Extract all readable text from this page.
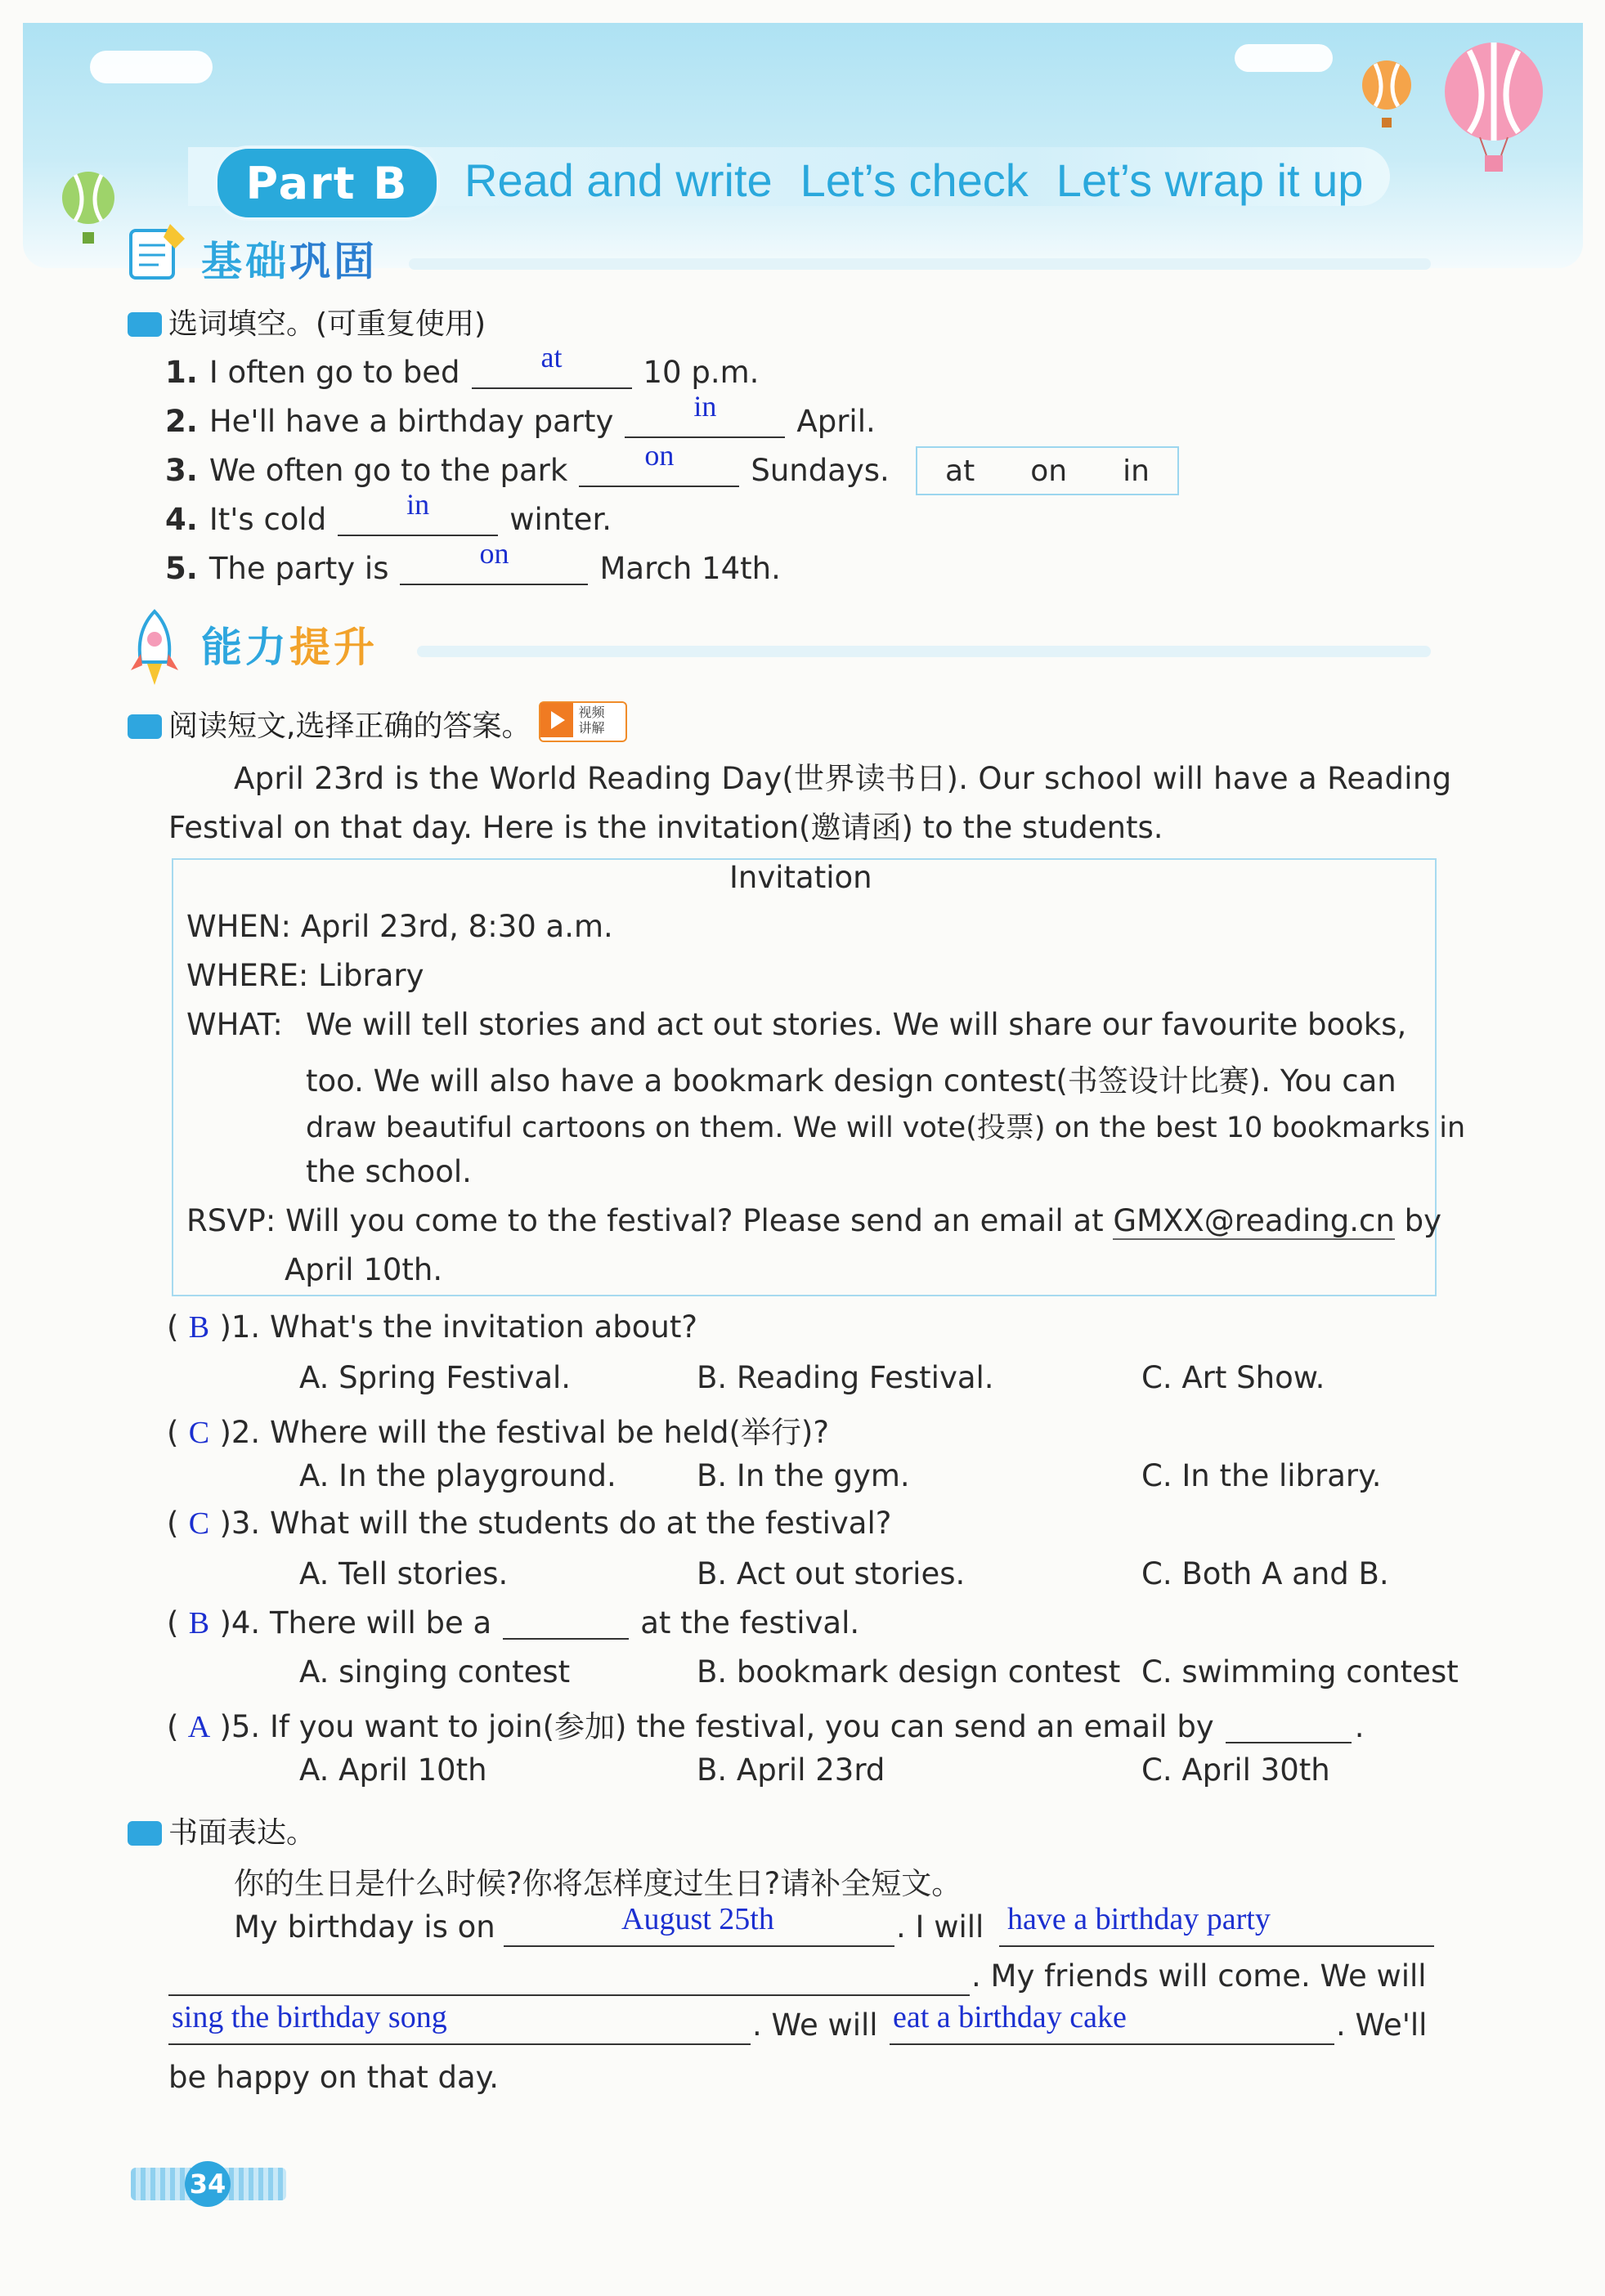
Part B	Read and write Let’s check Let’s wrap it up
基础巩固
选词填空。(可重复使用)
1. I often go to bed	at	10 p.m.
2. He'll have a birthday party	in	April.
3. We often go to the park	on	Sundays.
4. It's cold	in	winter.
5. The party is	on	March 14th.
at on in
能力提升
阅读短文,选择正确的答案。	视频
讲解
April 23rd is the World Reading Day(世界读书日). Our school will have a Reading
Festival on that day. Here is the invitation(邀请函) to the students.
Invitation
WHEN: April 23rd, 8:30 a.m.
WHERE: Library
WHAT: We will tell stories and act out stories. We will share our favourite books,
too. We will also have a bookmark design contest(书签设计比赛). You can
draw beautiful cartoons on them. We will vote(投票) on the best 10 bookmarks in
the school.
RSVP: Will you come to the festival? Please send an email at GMXX@reading.cn by
April 10th.
( B )1. What's the invitation about?
A. Spring Festival.	B. Reading Festival.	C. Art Show.
( C )2. Where will the festival be held(举行)?
A. In the playground.	B. In the gym.	C. In the library.
( C )3. What will the students do at the festival?
A. Tell stories.	B. Act out stories.	C. Both A and B.
( B )4. There will be a	at the festival.
A. singing contest	B. bookmark design contest C. swimming contest
( A )5. If you want to join(参加) the festival, you can send an email by	.
A. April 10th	B. April 23rd	C. April 30th
书面表达。
你的生日是什么时候?你将怎样度过生日?请补全短文。
My birthday is on	August 25th	. I will have a birthday party
. My friends will come. We will
sing the birthday song	. We will eat a birthday cake	. We'll
be happy on that day.
34
